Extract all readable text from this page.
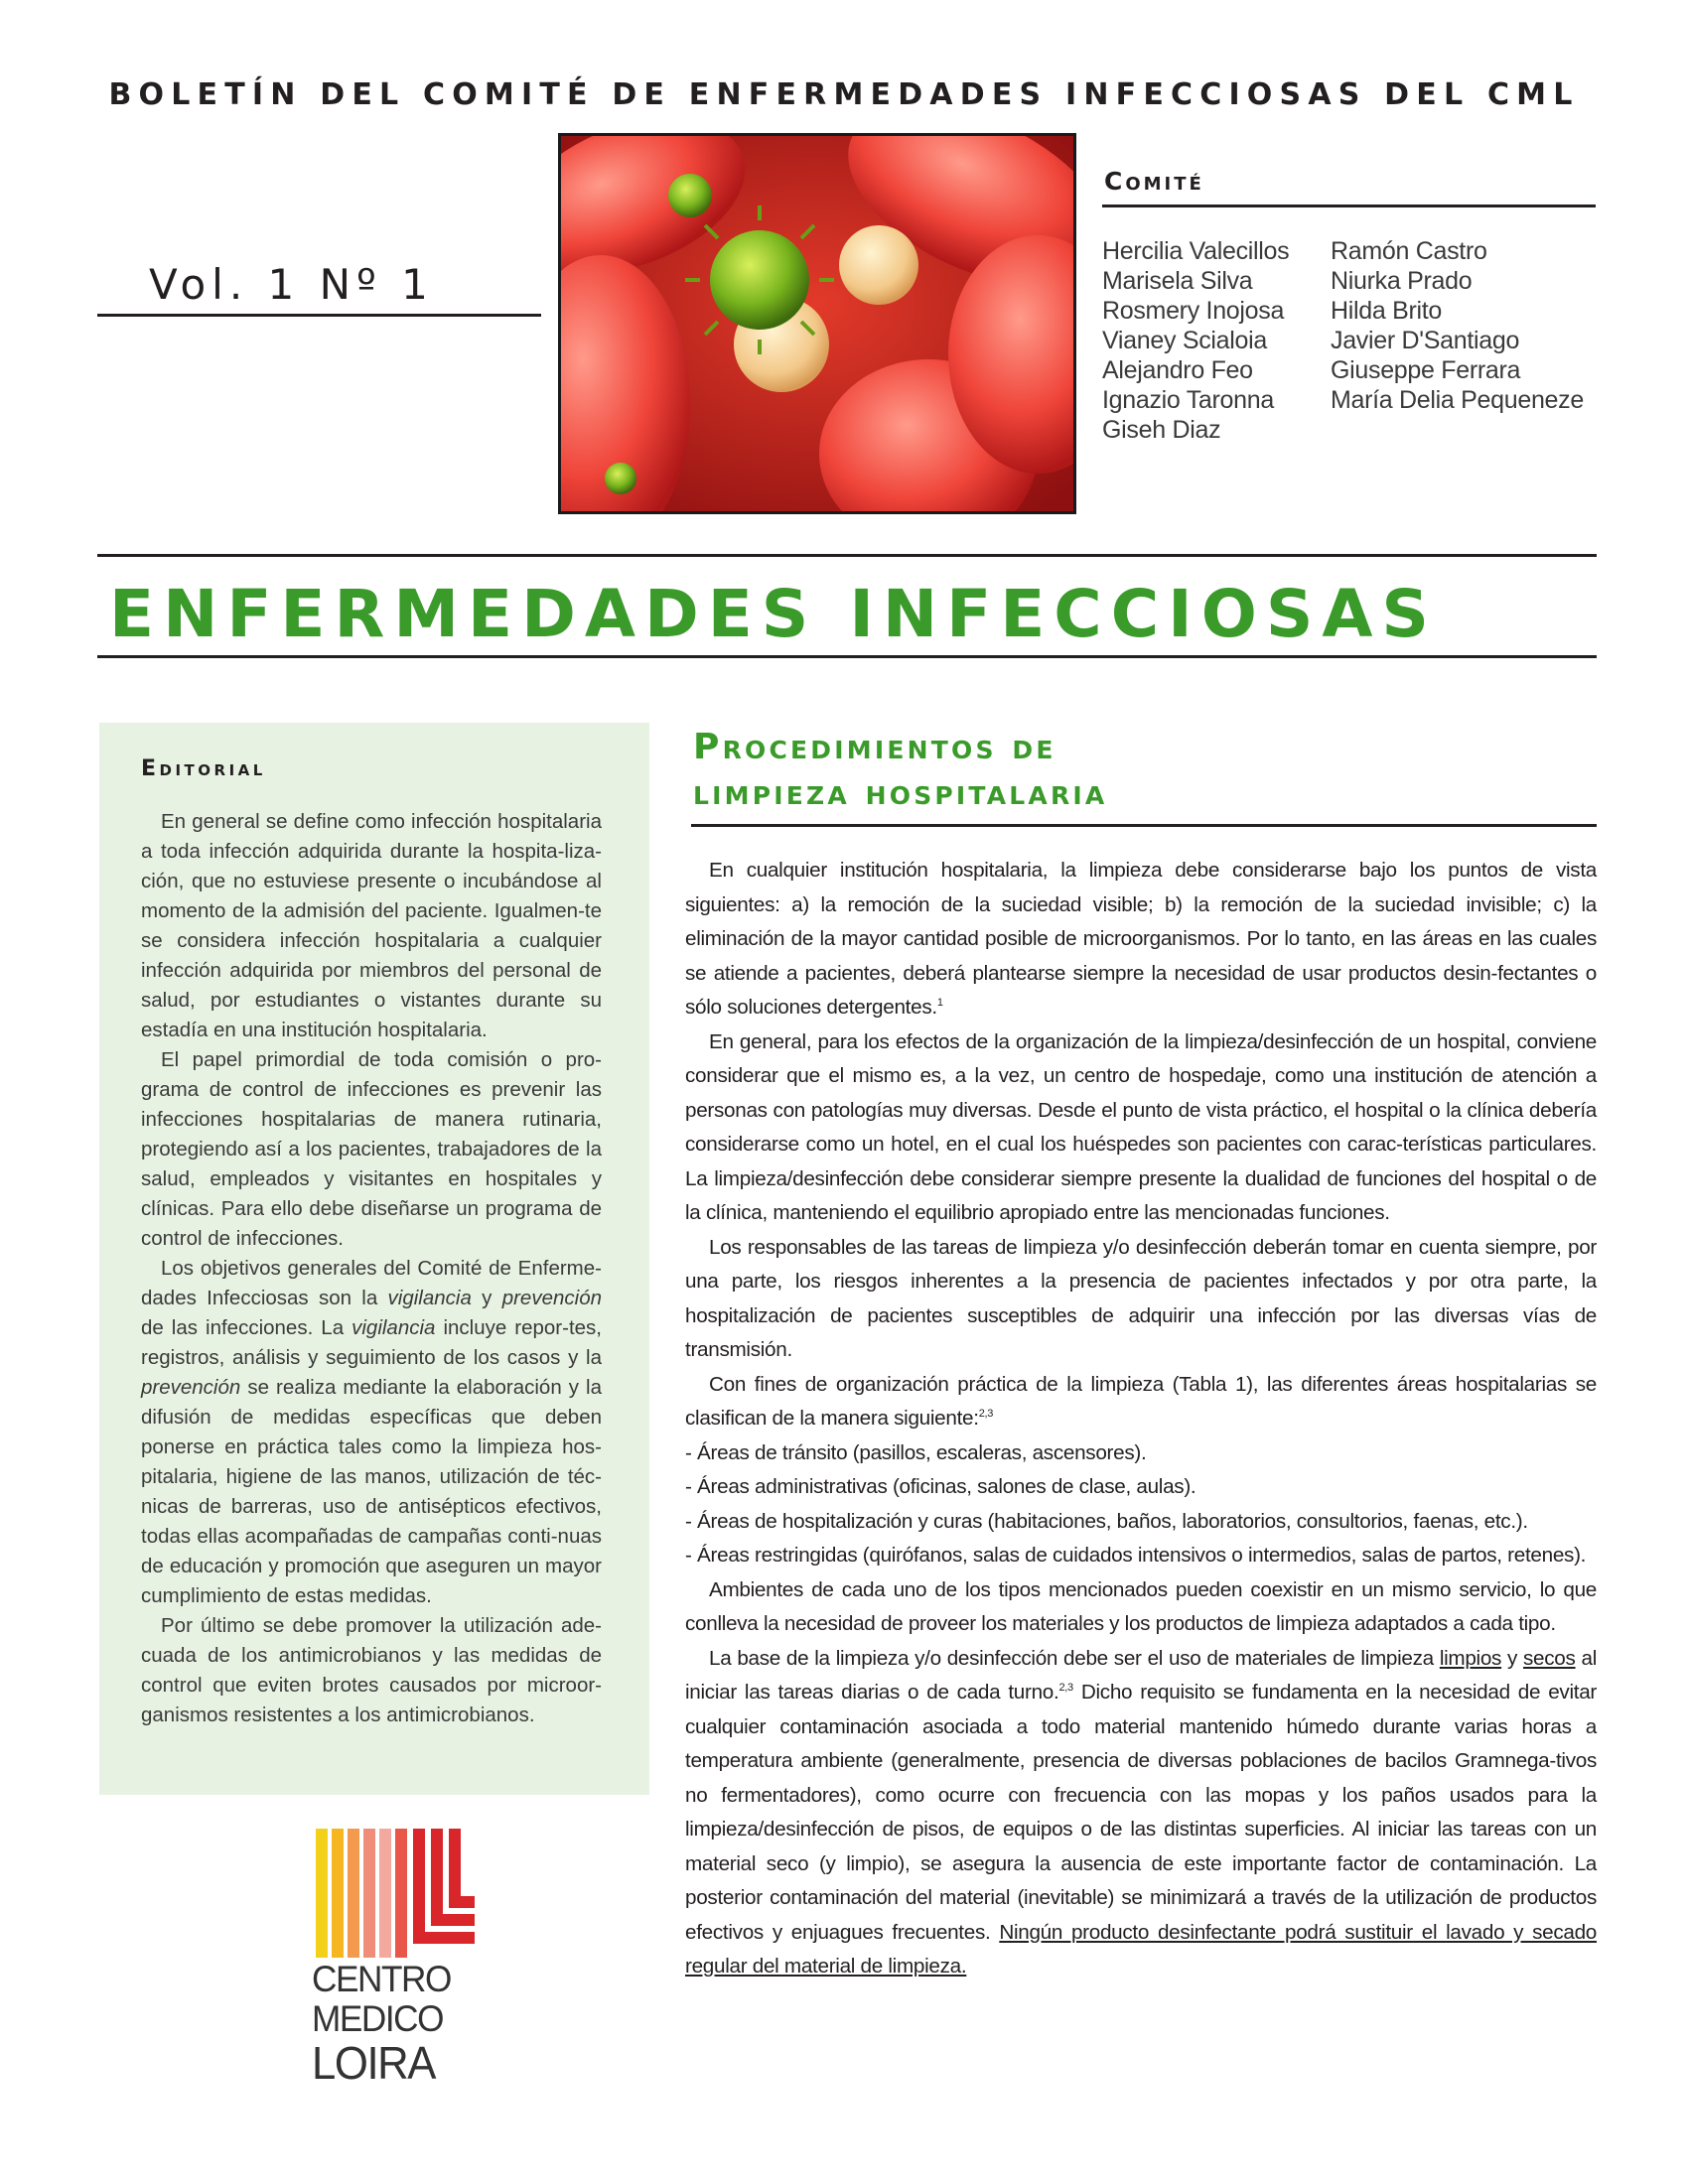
BOLETÍN DEL COMITÉ DE ENFERMEDADES INFECCIOSAS DEL CML
Vol. 1 Nº 1
Comité
Hercilia Valecillos
Marisela Silva
Rosmery Inojosa
Vianey Scialoia
Alejandro Feo
Ignazio Taronna
Giseh Diaz
Ramón Castro
Niurka Prado
Hilda Brito
Javier D'Santiago
Giuseppe Ferrara
María Delia Pequeneze
ENFERMEDADES INFECCIOSAS
Editorial

En general se define como infección hospitalaria a toda infección adquirida durante la hospita-liza-ción, que no estuviese presente o incubándose al momento de la admisión del paciente. Igualmen-te se considera infección hospitalaria a cualquier infección adquirida por miembros del personal de salud, por estudiantes o vistantes durante su estadía en una institución hospitalaria.

El papel primordial de toda comisión o pro-grama de control de infecciones es prevenir las infecciones hospitalarias de manera rutinaria, protegiendo así a los pacientes, trabajadores de la salud, empleados y visitantes en hospitales y clínicas. Para ello debe diseñarse un programa de control de infecciones.

Los objetivos generales del Comité de Enferme-dades Infecciosas son la vigilancia y prevención de las infecciones. La vigilancia incluye repor-tes, registros, análisis y seguimiento de los casos y la prevención se realiza mediante la elaboración y la difusión de medidas específicas que deben ponerse en práctica tales como la limpieza hos-pitalaria, higiene de las manos, utilización de téc-nicas de barreras, uso de antisépticos efectivos, todas ellas acompañadas de campañas conti-nuas de educación y promoción que aseguren un mayor cumplimiento de estas medidas.

Por último se debe promover la utilización ade-cuada de los antimicrobianos y las medidas de control que eviten brotes causados por microor-ganismos resistentes a los antimicrobianos.

CENTRO
MEDICO
LOIRA
Procedimientos de
limpieza hospitalaria

En cualquier institución hospitalaria, la limpieza debe considerarse bajo los puntos de vista siguientes: a) la remoción de la suciedad visible; b) la remoción de la suciedad invisible; c) la eliminación de la mayor cantidad posible de microorganismos. Por lo tanto, en las áreas en las cuales se atiende a pacientes, deberá plantearse siempre la necesidad de usar productos desin-fectantes o sólo soluciones detergentes.$^1$

En general, para los efectos de la organización de la limpieza/desinfección de un hospital, conviene considerar que el mismo es, a la vez, un centro de hospedaje, como una institución de atención a personas con patologías muy diversas. Desde el punto de vista práctico, el hospital o la clínica debería considerarse como un hotel, en el cual los huéspedes son pacientes con carac-terísticas particulares. La limpieza/desinfección debe considerar siempre presente la dualidad de funciones del hospital o de la clínica, manteniendo el equilibrio apropiado entre las mencionadas funciones.

Los responsables de las tareas de limpieza y/o desinfección deberán tomar en cuenta siempre, por una parte, los riesgos inherentes a la presencia de pacientes infectados y por otra parte, la hospitalización de pacientes susceptibles de adquirir una infección por las diversas vías de transmisión.

Con fines de organización práctica de la limpieza (Tabla 1), las diferentes áreas hospitalarias se clasifican de la manera siguiente:$^{2,3}$

- Áreas de tránsito (pasillos, escaleras, ascensores).

- Áreas administrativas (oficinas, salones de clase, aulas).

- Áreas de hospitalización y curas (habitaciones, baños, laboratorios, consultorios, faenas, etc.).

- Áreas restringidas (quirófanos, salas de cuidados intensivos o intermedios, salas de partos, retenes).

Ambientes de cada uno de los tipos mencionados pueden coexistir en un mismo servicio, lo que conlleva la necesidad de proveer los materiales y los productos de limpieza adaptados a cada tipo.

La base de la limpieza y/o desinfección debe ser el uso de materiales de limpieza limpios y secos al iniciar las tareas diarias o de cada turno.$^{2,3}$ Dicho requisito se fundamenta en la necesidad de evitar cualquier contaminación asociada a todo material mantenido húmedo durante varias horas a temperatura ambiente (generalmente, presencia de diversas poblaciones de bacilos Gramnega-tivos no fermentadores), como ocurre con frecuencia con las mopas y los paños usados para la limpieza/desinfección de pisos, de equipos o de las distintas superficies. Al iniciar las tareas con un material seco (y limpio), se asegura la ausencia de este importante factor de contaminación. La posterior contaminación del material (inevitable) se minimizará a través de la utilización de productos efectivos y enjuagues frecuentes. Ningún producto desinfectante podrá sustituir el lavado y secado regular del material de limpieza.
